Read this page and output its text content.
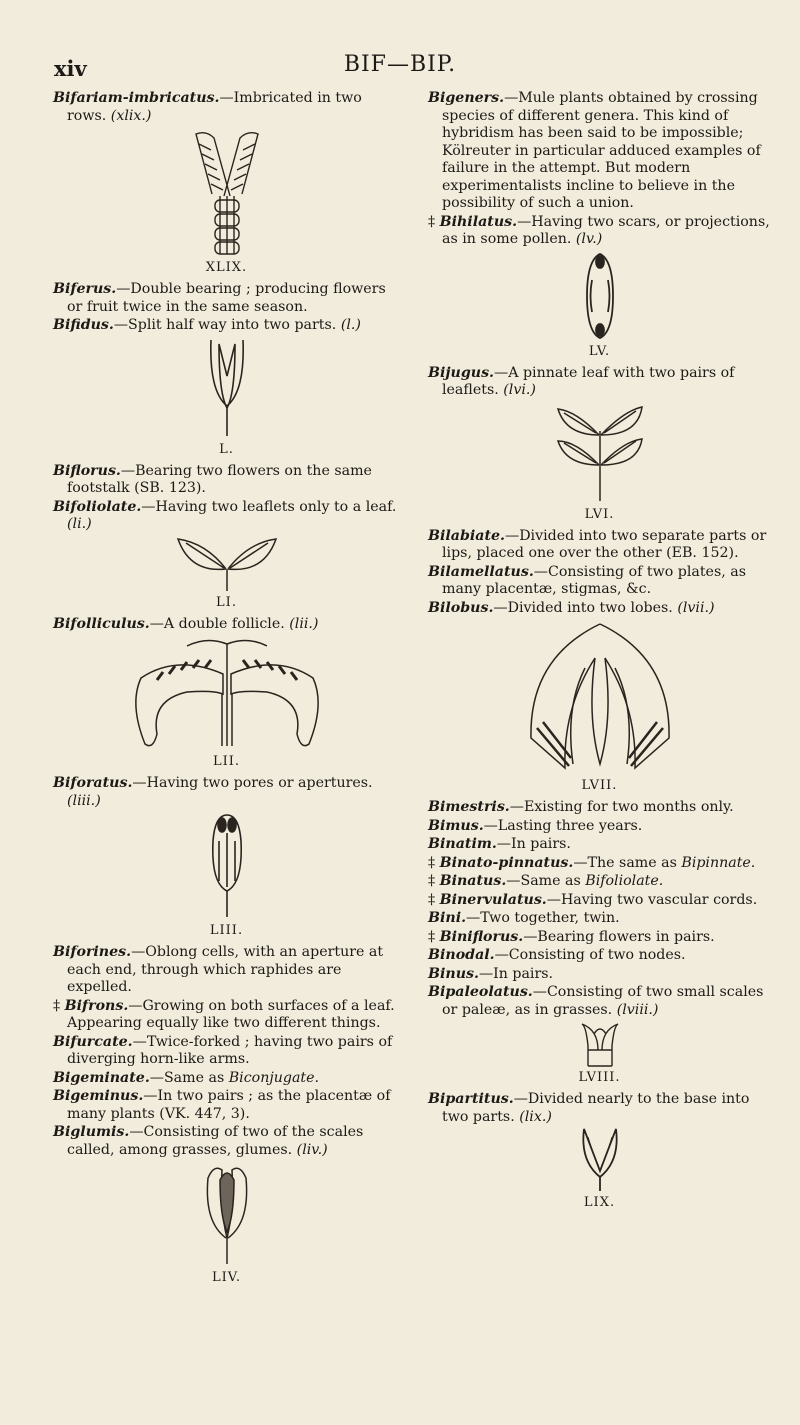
xiv	BIF—BIP.

Bifariam-imbricatus.—Imbricated in two rows. (xlix.)

XLIX.

Biferus.—Double bearing ; producing flowers or fruit twice in the same season.

Bifidus.—Split half way into two parts. (l.)

L.

Biflorus.—Bearing two flowers on the same footstalk (SB. 123).

Bifoliolate.—Having two leaflets only to a leaf. (li.)

LI.

Bifolliculus.—A double follicle. (lii.)

LII.

Biforatus.—Having two pores or apertures. (liii.)

LIII.

Biforines.—Oblong cells, with an aperture at each end, through which raphides are expelled.

‡ Bifrons.—Growing on both surfaces of a leaf. Appearing equally like two different things.

Bifurcate.—Twice-forked ; having two pairs of diverging horn-like arms.

Bigeminate.—Same as Biconjugate.

Bigeminus.—In two pairs ; as the placentæ of many plants (VK. 447, 3).

Biglumis.—Consisting of two of the scales called, among grasses, glumes. (liv.)

LIV.

Bigeners.—Mule plants obtained by crossing species of different genera. This kind of hybridism has been said to be impossible; Kölreuter in particular adduced examples of failure in the attempt. But modern experimentalists incline to believe in the possibility of such a union.

‡ Bihilatus.—Having two scars, or projections, as in some pollen. (lv.)

LV.

Bijugus.—A pinnate leaf with two pairs of leaflets. (lvi.)

LVI.

Bilabiate.—Divided into two separate parts or lips, placed one over the other (EB. 152).

Bilamellatus.—Consisting of two plates, as many placentæ, stigmas, &c.

Bilobus.—Divided into two lobes. (lvii.)

LVII.

Bimestris.—Existing for two months only.

Bimus.—Lasting three years.

Binatim.—In pairs.

‡ Binato-pinnatus.—The same as Bipinnate.

‡ Binatus.—Same as Bifoliolate.

‡ Binervulatus.—Having two vascular cords.

Bini.—Two together, twin.

‡ Biniflorus.—Bearing flowers in pairs.

Binodal.—Consisting of two nodes.

Binus.—In pairs.

Bipaleolatus.—Consisting of two small scales or paleæ, as in grasses. (lviii.)

LVIII.

Bipartitus.—Divided nearly to the base into two parts. (lix.)

LIX.
